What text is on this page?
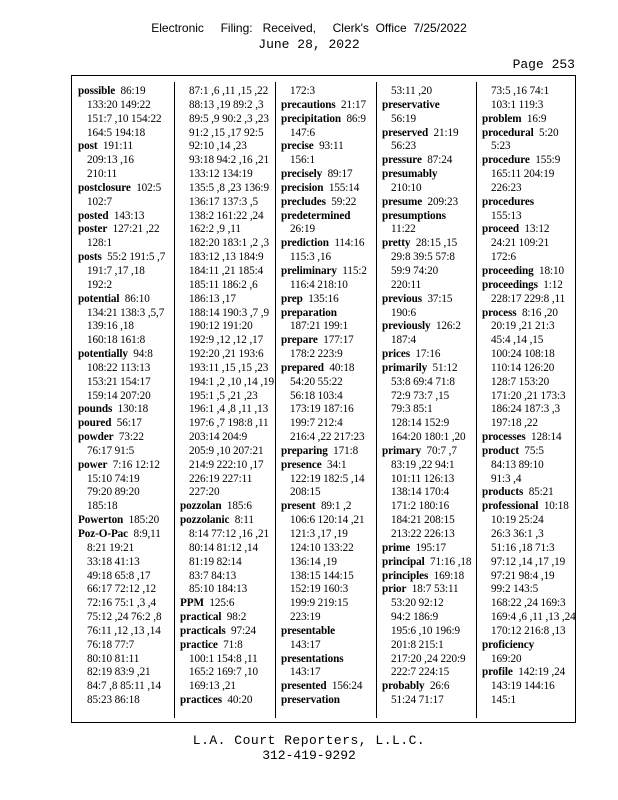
Electronic     Filing:   Received,     Clerk's  Office  7/25/2022
June 28, 2022
Page 253
possible 86:19
133:20 149:22
151:7 ,10 154:22
164:5 194:18
post 191:11
209:13 ,16
210:11
postclosure 102:5
102:7
posted 143:13
poster 127:21 ,22
128:1
posts 55:2 191:5 ,7
191:7 ,17 ,18
192:2
potential 86:10
134:21 138:3 ,5,7
139:16 ,18
160:18 161:8
potentially 94:8
108:22 113:13
153:21 154:17
159:14 207:20
pounds 130:18
poured 56:17
powder 73:22
76:17 91:5
power 7:16 12:12
15:10 74:19
79:20 89:20
185:18
Powerton 185:20
Poz-O-Pac 8:9,11
8:21 19:21
33:18 41:13
49:18 65:8 ,17
66:17 72:12 ,12
72:16 75:1 ,3 ,4
75:12 ,24 76:2 ,8
76:11 ,12 ,13 ,14
76:18 77:7
80:10 81:11
82:19 83:9 ,21
84:7 ,8 85:11 ,14
85:23 86:18
87:1 ,6 ,11 ,15 ,22
88:13 ,19 89:2 ,3
89:5 ,9 90:2 ,3 ,23
91:2 ,15 ,17 92:5
92:10 ,14 ,23
93:18 94:2 ,16 ,21
133:12 134:19
135:5 ,8 ,23 136:9
136:17 137:3 ,5
138:2 161:22 ,24
162:2 ,9 ,11
182:20 183:1 ,2 ,3
183:12 ,13 184:9
184:11 ,21 185:4
185:11 186:2 ,6
186:13 ,17
188:14 190:3 ,7 ,9
190:12 191:20
192:9 ,12 ,12 ,17
192:20 ,21 193:6
193:11 ,15 ,15 ,23
194:1 ,2 ,10 ,14 ,19
195:1 ,5 ,21 ,23
196:1 ,4 ,8 ,11 ,13
197:6 ,7 198:8 ,11
203:14 204:9
205:9 ,10 207:21
214:9 222:10 ,17
226:19 227:11
227:20
pozzolan 185:6
pozzolanic 8:11
8:14 77:12 ,16 ,21
80:14 81:12 ,14
81:19 82:14
83:7 84:13
85:10 184:13
PPM 125:6
practical 98:2
practicals 97:24
practice 71:8
100:1 154:8 ,11
165:2 169:7 ,10
169:13 ,21
practices 40:20
172:3
precautions 21:17
precipitation 86:9
147:6
precise 93:11
156:1
precisely 89:17
precision 155:14
precludes 59:22
predetermined
26:19
prediction 114:16
115:3 ,16
preliminary 115:2
116:4 218:10
prep 135:16
preparation
187:21 199:1
prepare 177:17
178:2 223:9
prepared 40:18
54:20 55:22
56:18 103:4
173:19 187:16
199:7 212:4
216:4 ,22 217:23
preparing 171:8
presence 34:1
122:19 182:5 ,14
208:15
present 89:1 ,2
106:6 120:14 ,21
121:3 ,17 ,19
124:10 133:22
136:14 ,19
138:15 144:15
152:19 160:3
199:9 219:15
223:19
presentable
143:17
presentations
143:17
presented 156:24
preservation
53:11 ,20
preservative
56:19
preserved 21:19
56:23
pressure 87:24
presumably
210:10
presume 209:23
presumptions
11:22
pretty 28:15 ,15
29:8 39:5 57:8
59:9 74:20
220:11
previous 37:15
190:6
previously 126:2
187:4
prices 17:16
primarily 51:12
53:8 69:4 71:8
72:9 73:7 ,15
79:3 85:1
128:14 152:9
164:20 180:1 ,20
primary 70:7 ,7
83:19 ,22 94:1
101:11 126:13
138:14 170:4
171:2 180:16
184:21 208:15
213:22 226:13
prime 195:17
principal 71:16 ,18
principles 169:18
prior 18:7 53:11
53:20 92:12
94:2 186:9
195:6 ,10 196:9
201:8 215:1
217:20 ,24 220:9
222:7 224:15
probably 26:6
51:24 71:17
73:5 ,16 74:1
103:1 119:3
problem 16:9
procedural 5:20
5:23
procedure 155:9
165:11 204:19
226:23
procedures
155:13
proceed 13:12
24:21 109:21
172:6
proceeding 18:10
proceedings 1:12
228:17 229:8 ,11
process 8:16 ,20
20:19 ,21 21:3
45:4 ,14 ,15
100:24 108:18
110:14 126:20
128:7 153:20
171:20 ,21 173:3
186:24 187:3 ,3
197:18 ,22
processes 128:14
product 75:5
84:13 89:10
91:3 ,4
products 85:21
professional 10:18
10:19 25:24
26:3 36:1 ,3
51:16 ,18 71:3
97:12 ,14 ,17 ,19
97:21 98:4 ,19
99:2 143:5
168:22 ,24 169:3
169:4 ,6 ,11 ,13 ,24
170:12 216:8 ,13
proficiency
169:20
profile 142:19 ,24
143:19 144:16
145:1
L.A. Court Reporters, L.L.C.
312-419-9292
